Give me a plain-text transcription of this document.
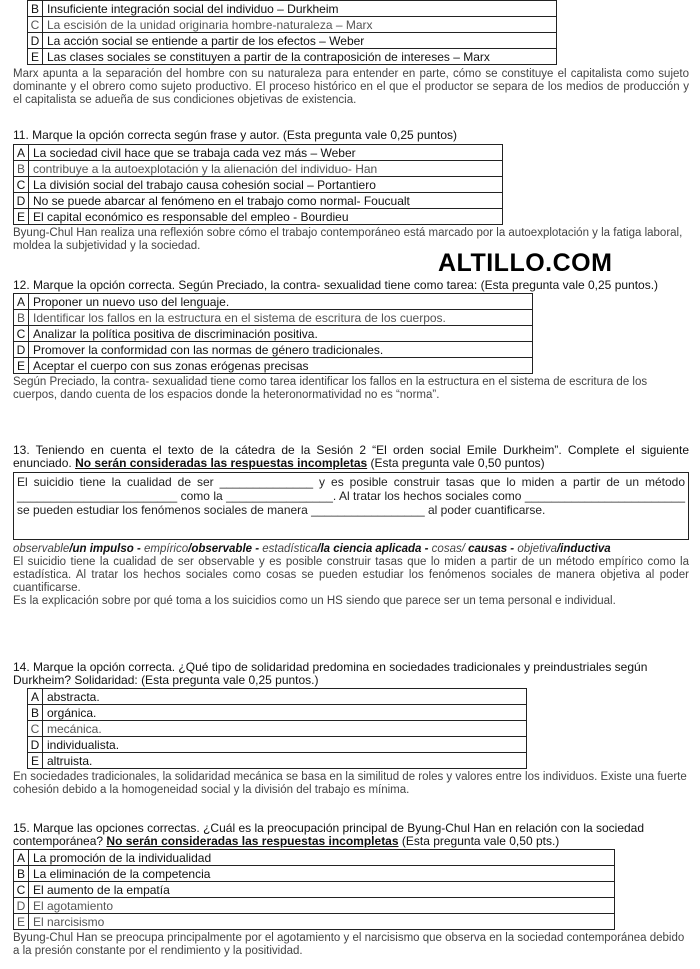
B	Insuficiente integración social del individuo – Durkheim
C	La escisión de la unidad originaria hombre-naturaleza – Marx
D	La acción social se entiende a partir de los efectos – Weber
E	Las clases sociales se constituyen a partir de la contraposición de intereses – Marx

Marx apunta a la separación del hombre con su naturaleza para entender en parte, cómo se constituye el capitalista como sujeto dominante y el obrero como sujeto productivo. El proceso histórico en el que el productor se separa de los medios de producción y el capitalista se adueña de sus condiciones objetivas de existencia.

11. Marque la opción correcta según frase y autor. (Esta pregunta vale 0,25 puntos)

A	La sociedad civil hace que se trabaja cada vez más – Weber
B	contribuye a la autoexplotación y la alienación del individuo- Han
C	La división social del trabajo causa cohesión social – Portantiero
D	No se puede abarcar al fenómeno en el trabajo como normal- Foucualt
E	El capital económico es responsable del empleo - Bourdieu

Byung-Chul Han realiza una reflexión sobre cómo el trabajo contemporáneo está marcado por la autoexplotación y la fatiga laboral, moldea la subjetividad y la sociedad.

ALTILLO.COM

12. Marque la opción correcta. Según Preciado, la contra- sexualidad tiene como tarea: (Esta pregunta vale 0,25 puntos.)

A	Proponer un nuevo uso del lenguaje.
B	Identificar los fallos en la estructura en el sistema de escritura de los cuerpos.
C	Analizar la política positiva de discriminación positiva.
D	Promover la conformidad con las normas de género tradicionales.
E	Aceptar el cuerpo con sus zonas erógenas precisas

Según Preciado, la contra- sexualidad tiene como tarea identificar los fallos en la estructura en el sistema de escritura de los cuerpos, dando cuenta de los espacios donde la heteronormatividad no es “norma”.

13. Teniendo en cuenta el texto de la cátedra de la Sesión 2 “El orden social Emile Durkheim”. Complete el siguiente enunciado. No serán consideradas las respuestas incompletas (Esta pregunta vale 0,50 puntos)

El suicidio tiene la cualidad de ser ______________ y es posible construir tasas que lo miden a partir de un método ________________________ como la ________________. Al tratar los hechos sociales como ________________________ se pueden estudiar los fenómenos sociales de manera _________________ al poder cuantificarse.

observable/un impulso - empírico/observable - estadística/la ciencia aplicada - cosas/ causas - objetiva/inductiva

El suicidio tiene la cualidad de ser observable y es posible construir tasas que lo miden a partir de un método empírico como la estadística. Al tratar los hechos sociales como cosas se pueden estudiar los fenómenos sociales de manera objetiva al poder cuantificarse.

Es la explicación sobre por qué toma a los suicidios como un HS siendo que parece ser un tema personal e individual.

14. Marque la opción correcta. ¿Qué tipo de solidaridad predomina en sociedades tradicionales y preindustriales según Durkheim? Solidaridad: (Esta pregunta vale 0,25 puntos.)

A	abstracta.
B	orgánica.
C	mecánica.
D	individualista.
E	altruista.

En sociedades tradicionales, la solidaridad mecánica se basa en la similitud de roles y valores entre los individuos. Existe una fuerte cohesión debido a la homogeneidad social y la división del trabajo es mínima.

15. Marque las opciones correctas. ¿Cuál es la preocupación principal de Byung-Chul Han en relación con la sociedad contemporánea? No serán consideradas las respuestas incompletas (Esta pregunta vale 0,50 pts.)

A	La promoción de la individualidad
B	La eliminación de la competencia
C	El aumento de la empatía
D	El agotamiento
E	El narcisismo

Byung-Chul Han se preocupa principalmente por el agotamiento y el narcisismo que observa en la sociedad contemporánea debido a la presión constante por el rendimiento y la positividad.
